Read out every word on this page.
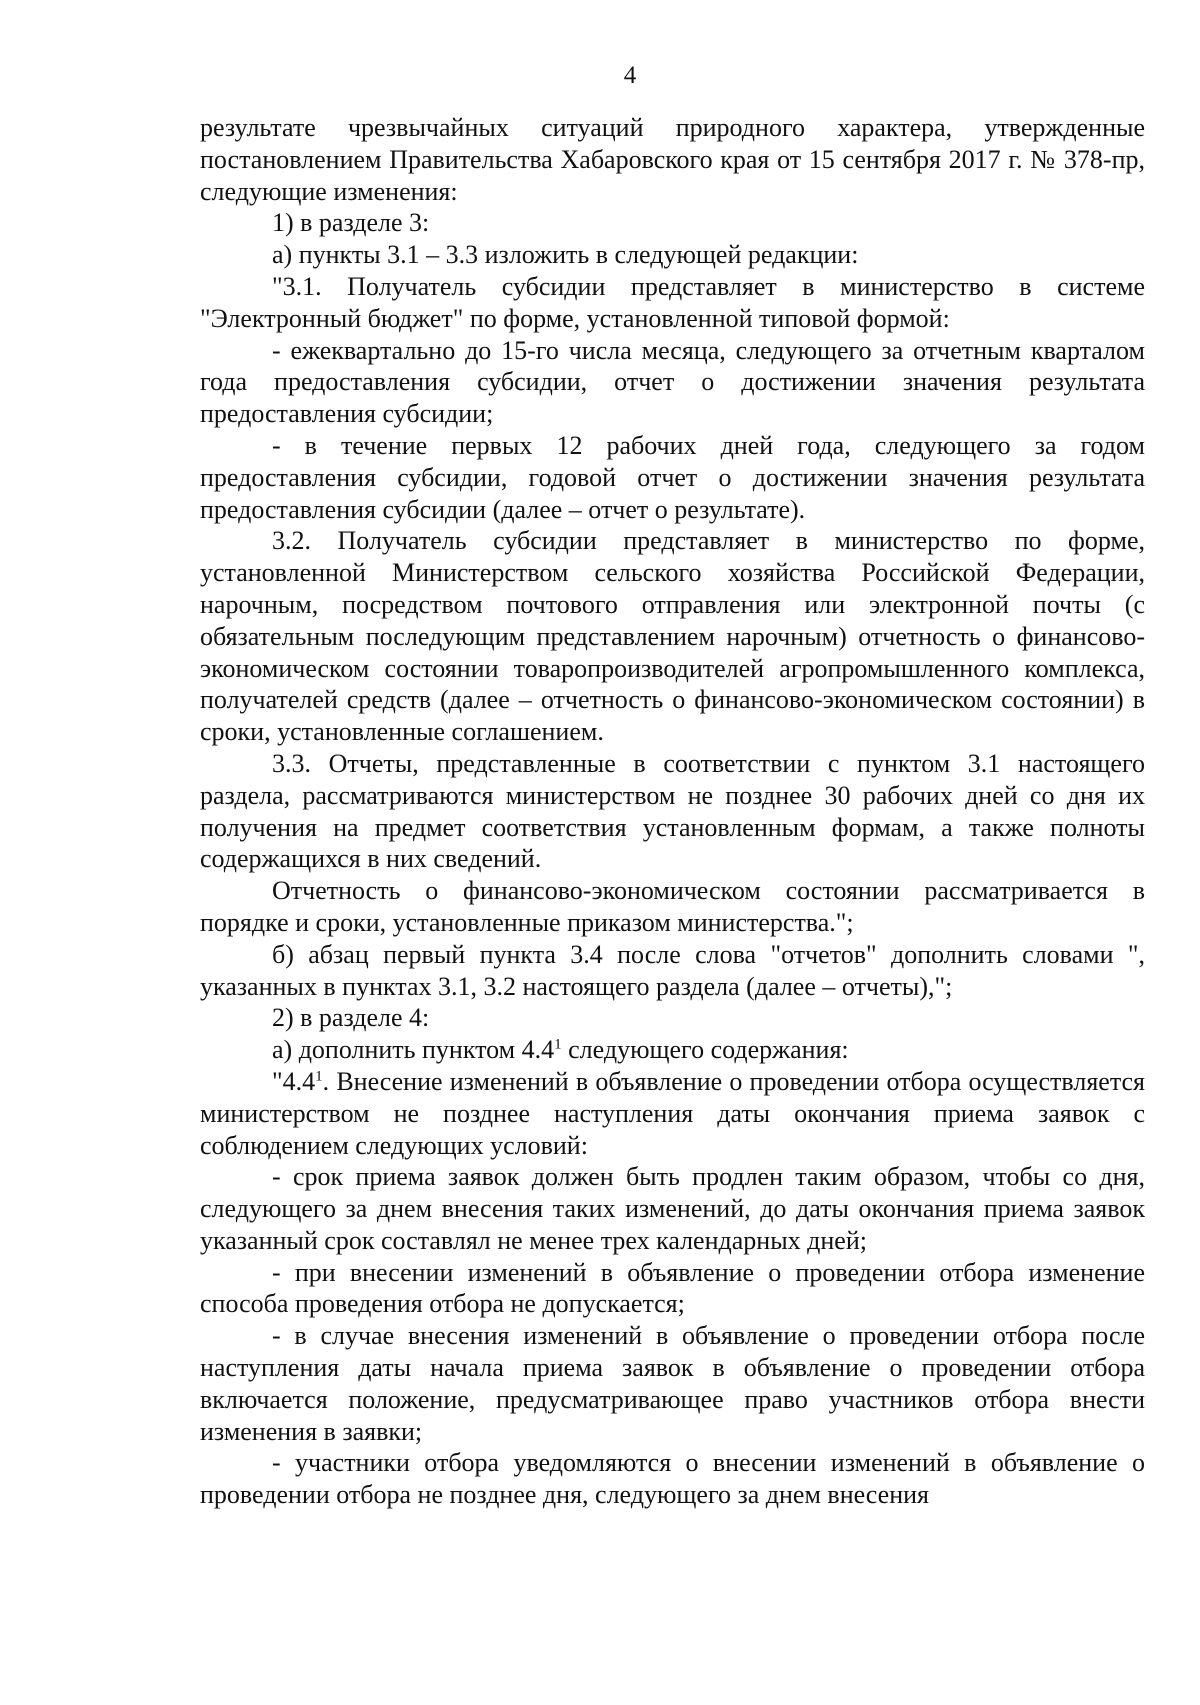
4

результате чрезвычайных ситуаций природного характера, утвержденные постановлением Правительства Хабаровского края от 15 сентября 2017 г. № 378-пр, следующие изменения:

1) в разделе 3:

а) пункты 3.1 – 3.3 изложить в следующей редакции:

"3.1. Получатель субсидии представляет в министерство в системе "Электронный бюджет" по форме, установленной типовой формой:

- ежеквартально до 15-го числа месяца, следующего за отчетным кварталом года предоставления субсидии, отчет о достижении значения результата предоставления субсидии;

- в течение первых 12 рабочих дней года, следующего за годом предоставления субсидии, годовой отчет о достижении значения результата предоставления субсидии (далее – отчет о результате).

3.2. Получатель субсидии представляет в министерство по форме, установленной Министерством сельского хозяйства Российской Федерации, нарочным, посредством почтового отправления или электронной почты (с обязательным последующим представлением нарочным) отчетность о финансово-экономическом состоянии товаропроизводителей агропромышленного комплекса, получателей средств (далее – отчетность о финансово-экономическом состоянии) в сроки, установленные соглашением.

3.3. Отчеты, представленные в соответствии с пунктом 3.1 настоящего раздела, рассматриваются министерством не позднее 30 рабочих дней со дня их получения на предмет соответствия установленным формам, а также полноты содержащихся в них сведений.

Отчетность о финансово-экономическом состоянии рассматривается в порядке и сроки, установленные приказом министерства.";

б) абзац первый пункта 3.4 после слова "отчетов" дополнить словами ", указанных в пунктах 3.1, 3.2 настоящего раздела (далее – отчеты),";

2) в разделе 4:

а) дополнить пунктом $4.4^1$ следующего содержания:

"$4.4^1$. Внесение изменений в объявление о проведении отбора осуществляется министерством не позднее наступления даты окончания приема заявок с соблюдением следующих условий:

- срок приема заявок должен быть продлен таким образом, чтобы со дня, следующего за днем внесения таких изменений, до даты окончания приема заявок указанный срок составлял не менее трех календарных дней;

- при внесении изменений в объявление о проведении отбора изменение способа проведения отбора не допускается;

- в случае внесения изменений в объявление о проведении отбора после наступления даты начала приема заявок в объявление о проведении отбора включается положение, предусматривающее право участников отбора внести изменения в заявки;

- участники отбора уведомляются о внесении изменений в объявление о проведении отбора не позднее дня, следующего за днем внесения
